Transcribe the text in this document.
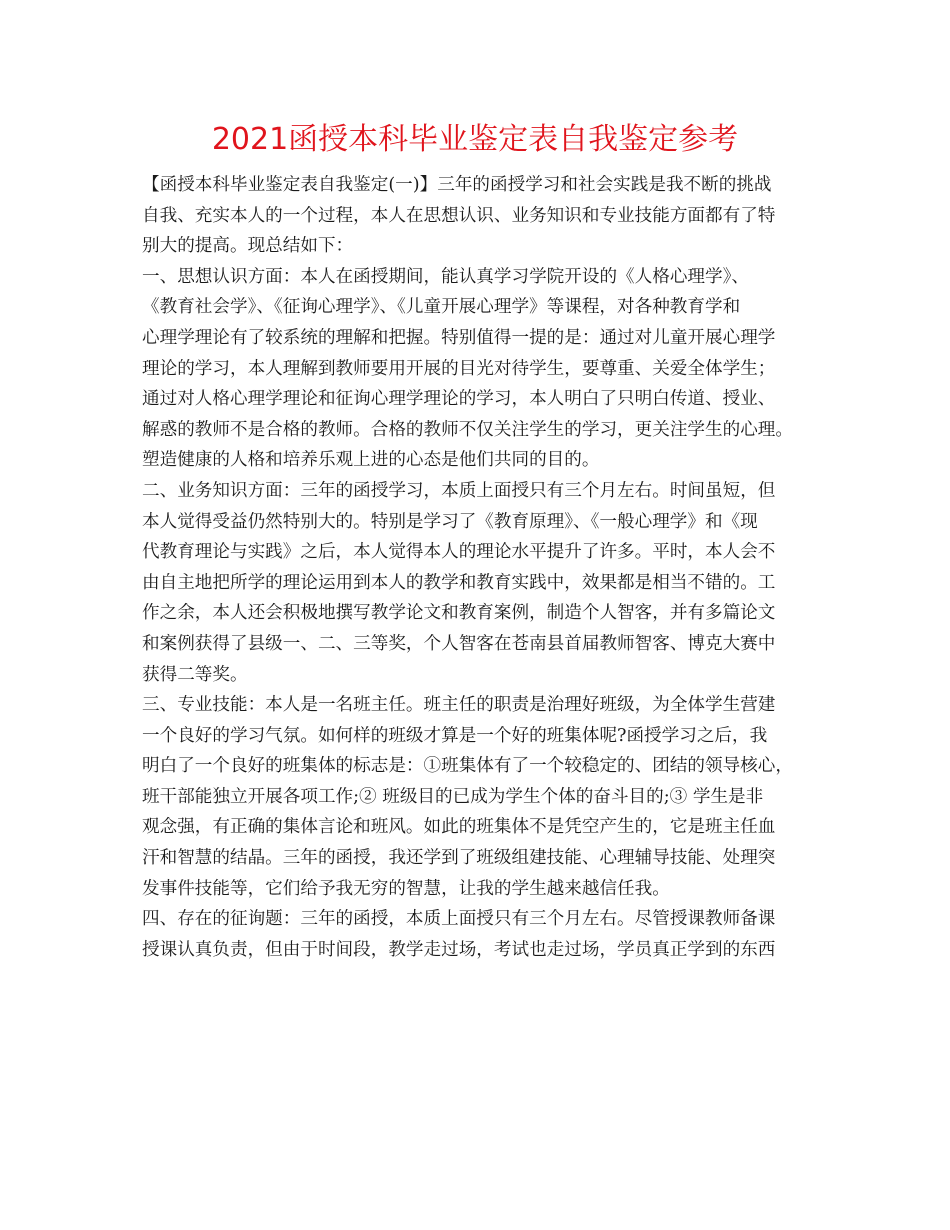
2021函授本科毕业鉴定表自我鉴定参考
【函授本科毕业鉴定表自我鉴定(一)】三年的函授学习和社会实践是我不断的挑战
自我、充实本人的一个过程，本人在思想认识、业务知识和专业技能方面都有了特
别大的提高。现总结如下：
一、思想认识方面：本人在函授期间，能认真学习学院开设的《人格心理学》、
《教育社会学》、《征询心理学》、《儿童开展心理学》等课程，对各种教育学和
心理学理论有了较系统的理解和把握。特别值得一提的是：通过对儿童开展心理学
理论的学习，本人理解到教师要用开展的目光对待学生，要尊重、关爱全体学生；
通过对人格心理学理论和征询心理学理论的学习，本人明白了只明白传道、授业、
解惑的教师不是合格的教师。合格的教师不仅关注学生的学习，更关注学生的心理。
塑造健康的人格和培养乐观上进的心态是他们共同的目的。
二、业务知识方面：三年的函授学习，本质上面授只有三个月左右。时间虽短，但
本人觉得受益仍然特别大的。特别是学习了《教育原理》、《一般心理学》和《现
代教育理论与实践》之后，本人觉得本人的理论水平提升了许多。平时，本人会不
由自主地把所学的理论运用到本人的教学和教育实践中，效果都是相当不错的。工
作之余，本人还会积极地撰写教学论文和教育案例，制造个人智客，并有多篇论文
和案例获得了县级一、二、三等奖，个人智客在苍南县首届教师智客、博克大赛中
获得二等奖。
三、专业技能：本人是一名班主任。班主任的职责是治理好班级，为全体学生营建
一个良好的学习气氛。如何样的班级才算是一个好的班集体呢?函授学习之后，我
明白了一个良好的班集体的标志是：①班集体有了一个较稳定的、团结的领导核心，
班干部能独立开展各项工作;② 班级目的已成为学生个体的奋斗目的;③ 学生是非
观念强，有正确的集体言论和班风。如此的班集体不是凭空产生的，它是班主任血
汗和智慧的结晶。三年的函授，我还学到了班级组建技能、心理辅导技能、处理突
发事件技能等，它们给予我无穷的智慧，让我的学生越来越信任我。
四、存在的征询题：三年的函授，本质上面授只有三个月左右。尽管授课教师备课
授课认真负责，但由于时间段，教学走过场，考试也走过场，学员真正学到的东西
